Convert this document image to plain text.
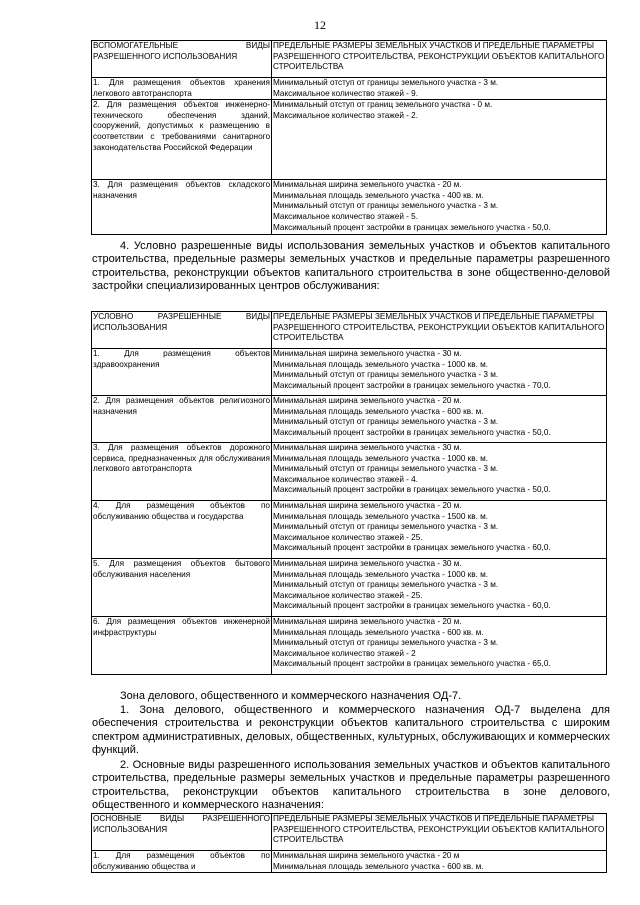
12
ВСПОМОГАТЕЛЬНЫЕ ВИДЫ РАЗРЕШЕННОГО ИСПОЛЬЗОВАНИЯ	ПРЕДЕЛЬНЫЕ РАЗМЕРЫ ЗЕМЕЛЬНЫХ УЧАСТКОВ И ПРЕДЕЛЬНЫЕ ПАРАМЕТРЫ РАЗРЕШЕННОГО СТРОИТЕЛЬСТВА, РЕКОНСТРУКЦИИ ОБЪЕКТОВ КАПИТАЛЬНОГО СТРОИТЕЛЬСТВА
1. Для размещения объектов хранения легкового автотранспорта	Минимальный отступ от границы земельного участка - 3 м.
Максимальное количество этажей - 9.

2. Для размещения объектов инженерно-технического обеспечения зданий, сооружений, допустимых к размещению в соответствии с требованиями санитарного законодательства Российской Федерации	Минимальный отступ от границ земельного участка - 0 м.
Максимальное количество этажей - 2.

3. Для размещения объектов складского назначения	Минимальная ширина земельного участка - 20 м.
Минимальная площадь земельного участка - 400 кв. м.
Минимальный отступ от границы земельного участка - 3 м.
Максимальное количество этажей - 5.
Максимальный процент застройки в границах земельного участка - 50,0.
4. Условно разрешенные виды использования земельных участков и объектов капитального строительства, предельные размеры земельных участков и предельные параметры разрешенного строительства, реконструкции объектов капитального строительства в зоне общественно-деловой застройки специализированных центров обслуживания:
УСЛОВНО РАЗРЕШЕННЫЕ ВИДЫ ИСПОЛЬЗОВАНИЯ	ПРЕДЕЛЬНЫЕ РАЗМЕРЫ ЗЕМЕЛЬНЫХ УЧАСТКОВ И ПРЕДЕЛЬНЫЕ ПАРАМЕТРЫ РАЗРЕШЕННОГО СТРОИТЕЛЬСТВА, РЕКОНСТРУКЦИИ ОБЪЕКТОВ КАПИТАЛЬНОГО СТРОИТЕЛЬСТВА
1. Для размещения объектов здравоохранения	Минимальная ширина земельного участка - 30 м.
Минимальная площадь земельного участка - 1000 кв. м.
Минимальный отступ от границы земельного участка - 3 м.
Максимальный процент застройки в границах земельного участка - 70,0.

2. Для размещения объектов религиозного назначения	Минимальная ширина земельного участка - 20 м.
Минимальная площадь земельного участка - 600 кв. м.
Минимальный отступ от границы земельного участка - 3 м.
Максимальный процент застройки в границах земельного участка - 50,0.

3. Для размещения объектов дорожного сервиса, предназначенных для обслуживания легкового автотранспорта	Минимальная ширина земельного участка - 30 м.
Минимальная площадь земельного участка - 1000 кв. м.
Минимальный отступ от границы земельного участка - 3 м.
Максимальное количество этажей - 4.
Максимальный процент застройки в границах земельного участка - 50,0.

4. Для размещения объектов по обслуживанию общества и государства	Минимальная ширина земельного участка - 20 м.
Минимальная площадь земельного участка - 1500 кв. м.
Минимальный отступ от границы земельного участка - 3 м.
Максимальное количество этажей - 25.
Максимальный процент застройки в границах земельного участка - 60,0.

5. Для размещения объектов бытового обслуживания населения	Минимальная ширина земельного участка - 30 м.
Минимальная площадь земельного участка - 1000 кв. м.
Минимальный отступ от границы земельного участка - 3 м.
Максимальное количество этажей - 25.
Максимальный процент застройки в границах земельного участка - 60,0.

6. Для размещения объектов инженерной инфраструктуры	Минимальная ширина земельного участка - 20 м.
Минимальная площадь земельного участка - 600 кв. м.
Минимальный отступ от границы земельного участка - 3 м.
Максимальное количество этажей - 2
Максимальный процент застройки в границах земельного участка - 65,0.
Зона делового, общественного и коммерческого назначения ОД-7.
1. Зона делового, общественного и коммерческого назначения ОД-7 выделена для обеспечения строительства и реконструкции объектов капитального строительства с широким спектром административных, деловых, общественных, культурных, обслуживающих и коммерческих функций.
2. Основные виды разрешенного использования земельных участков и объектов капитального строительства, предельные размеры земельных участков и предельные параметры разрешенного строительства, реконструкции объектов капитального строительства в зоне делового, общественного и коммерческого назначения:
ОСНОВНЫЕ ВИДЫ РАЗРЕШЕННОГО ИСПОЛЬЗОВАНИЯ	ПРЕДЕЛЬНЫЕ РАЗМЕРЫ ЗЕМЕЛЬНЫХ УЧАСТКОВ И ПРЕДЕЛЬНЫЕ ПАРАМЕТРЫ РАЗРЕШЕННОГО СТРОИТЕЛЬСТВА, РЕКОНСТРУКЦИИ ОБЪЕКТОВ КАПИТАЛЬНОГО СТРОИТЕЛЬСТВА
1. Для размещения объектов по обслуживанию общества и	Минимальная ширина земельного участка - 20 м
Минимальная площадь земельного участка - 600 кв. м.
